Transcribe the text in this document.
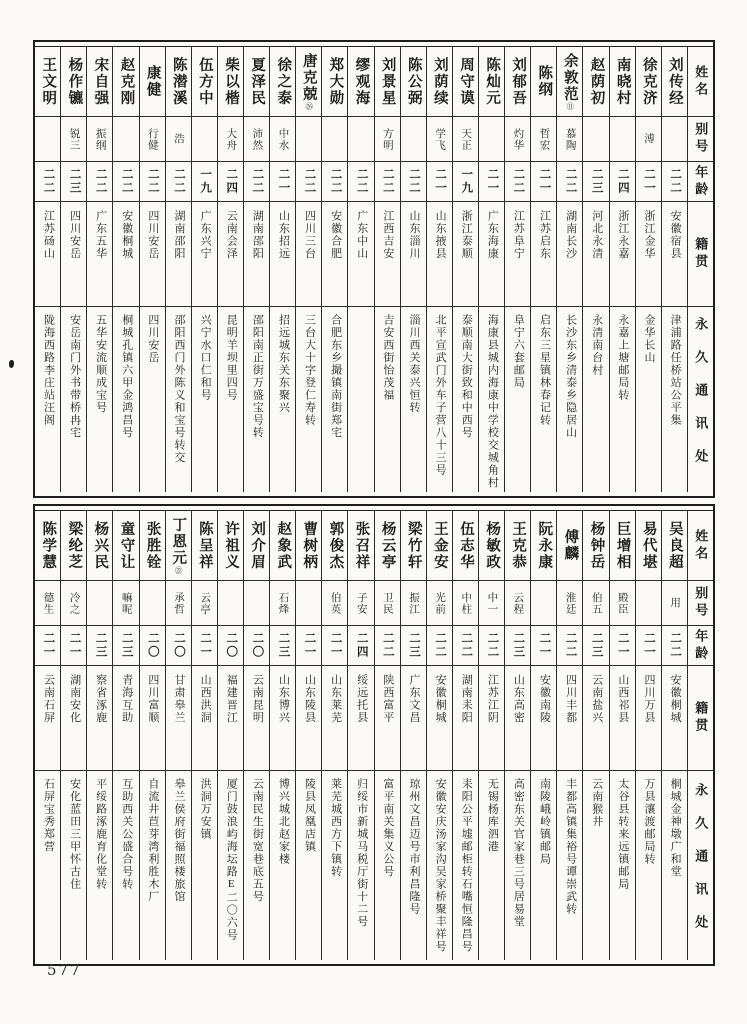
姓名
别号
年龄
籍贯
永久通讯处
刘传经
二二
安徽宿县
津浦路任桥站公平集
徐克济
溥
二一
浙江金华
金华长山
南晓村
二四
浙江永嘉
永嘉上塘邮局转
赵荫初
二三
河北永清
永清南台村
余敦范⑪
慕陶
二二
湖南长沙
长沙东乡清泰乡隐居山
陈纲
哲宏
二一
江苏启东
启东三星镇林春记转
刘郁吾
灼华
二二
江苏阜宁
阜宁六套邮局
陈灿元
二一
广东海康
海康县城内海康中学校交城角村
周守谟
天正
一九
浙江泰顺
泰顺南大街致和中西号
刘荫续
学飞
二一
山东掖县
北平宣武门外车子营八十三号
陈公弼
二二
山东淄川
淄川西关泰兴恒转
刘景星
方明
二二
江西吉安
吉安西街怡茂福
缪观海
二二
广东中山
郑大勋
二二
安徽合肥
合肥东乡撮镇南街郑宅
唐克兢㉖
二二
四川三台
三台大十字登仁寿转
徐之泰
中水
二一
山东招远
招远城东关东聚兴
夏泽民
沛然
二二
湖南邵阳
邵阳南正街万盛宝号转
柴以楷
大舟
二四
云南会泽
昆明羊坝里四号
伍方中
一九
广东兴宁
兴宁水口仁和号
陈潜溪
浩
二二
湖南邵阳
邵阳西门外陈义和宝号转交
康健
行健
二二
四川安岳
四川安岳
赵克刚
二二
安徽桐城
桐城孔镇六甲金鸿昌号
宋自强
振纲
二二
广东五华
五华安流顺成宝号
杨作镳
锐三
二三
四川安岳
安岳南门外书带桥冉宅
王文明
二二
江苏砀山
陇海西路李庄站汪阁
姓名
别号
年龄
籍贯
永久通讯处
吴良超
用
二二
安徽桐城
桐城金神墩广和堂
易代堪
二一
四川万县
万县瀼渡邮局转
巨增相
殿臣
二一
山西祁县
太谷县转来远镇邮局
杨钟岳
伯五
二三
云南盐兴
云南猴井
傅麟
淮廷
二二
四川丰都
丰都高镇集裕号谭崇武转
阮永康
二一
安徽南陵
南陵峨岭镇邮局
王克恭
云程
二三
山东高密
高密东关官家巷三号居易堂
杨敏政
中一
二二
江苏江阴
无锡杨库泗港
伍志华
中柱
二二
湖南耒阳
耒阳公平墟邮柜转石嘴恒隆昌号
王金安
光前
二二
安徽桐城
安徽安庆汤家沟吴家桥聚丰祥号
梁竹轩
振江
二三
广东文昌
琼州文昌迈号市利昌隆号
杨云亭
卫民
二二
陕西富平
富平南关集义公号
张召祥
子安
二四
绥远托县
归绥市新城马税厅街十二号
郭俊杰
伯英
二一
山东莱芜
莱芜城西方下镇转
曹树柄
二一
山东陵县
陵县凤凰店镇
赵象武
石烽
二三
山东博兴
博兴城北赵家楼
刘介眉
二〇
云南昆明
云南民生街宽巷底五号
许祖义
二〇
福建晋江
厦门鼓浪屿海坛路E二〇六号
陈呈祥
云亭
二一
山西洪洞
洪洞万安镇
丁恩元㉑
承哲
二〇
甘肃皋兰
皋兰侯府街福照楼旅馆
张胜铨
二〇
四川富顺
自流井苣芽湾利胜木厂
童守让
嘛呢
二三
青海互助
互助西关公盛合号转
杨兴民
二三
察省涿鹿
平绥路涿鹿育化堂转
梁纶芝
冷之
二一
湖南安化
安化蓝田三甲怀古住
陈学慧
德生
二一
云南石屏
石屏宝秀郑营
577
